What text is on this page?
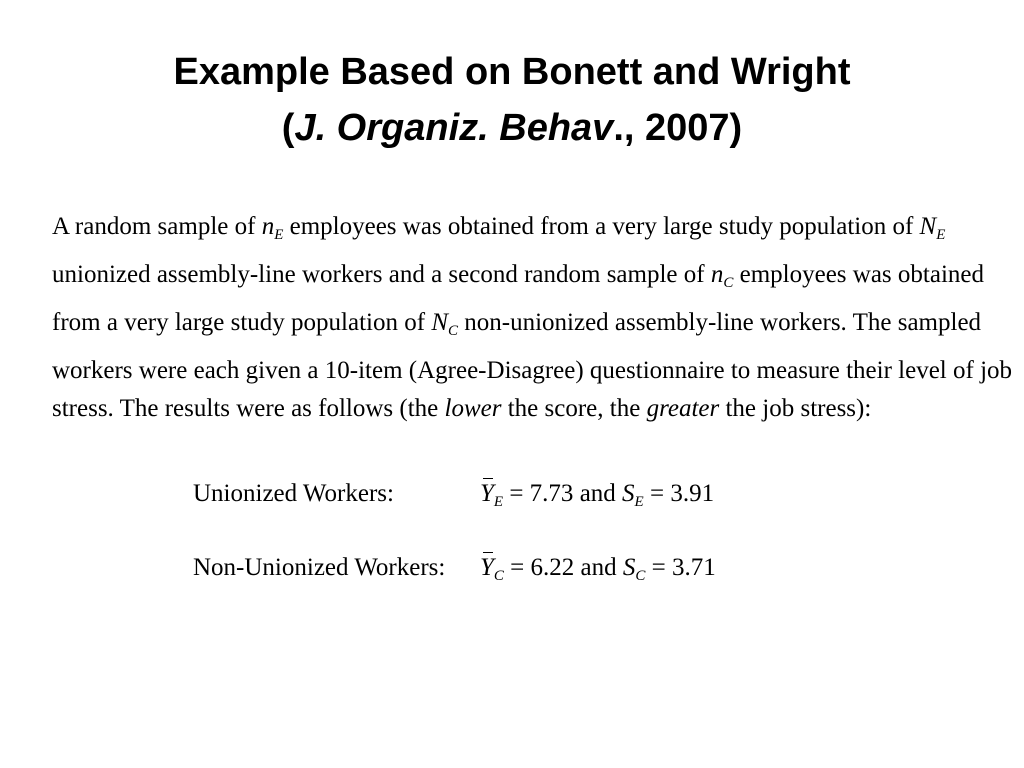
Example Based on Bonett and Wright
(J. Organiz. Behav., 2007)
A random sample of $n_E$ employees was obtained from a very large study population of $N_E$
unionized assembly-line workers and a second random sample of $n_C$ employees was obtained
from a very large study population of $N_C$ non-unionized assembly-line workers. The sampled
workers were each given a 10-item (Agree-Disagree) questionnaire to measure their level of job
stress. The results were as follows (the lower the score, the greater the job stress):
Unionized Workers:	$Y_E = 7.73$ and $S_E = 3.91$
Non-Unionized Workers: $Y_C = 6.22$ and $S_C = 3.71$
